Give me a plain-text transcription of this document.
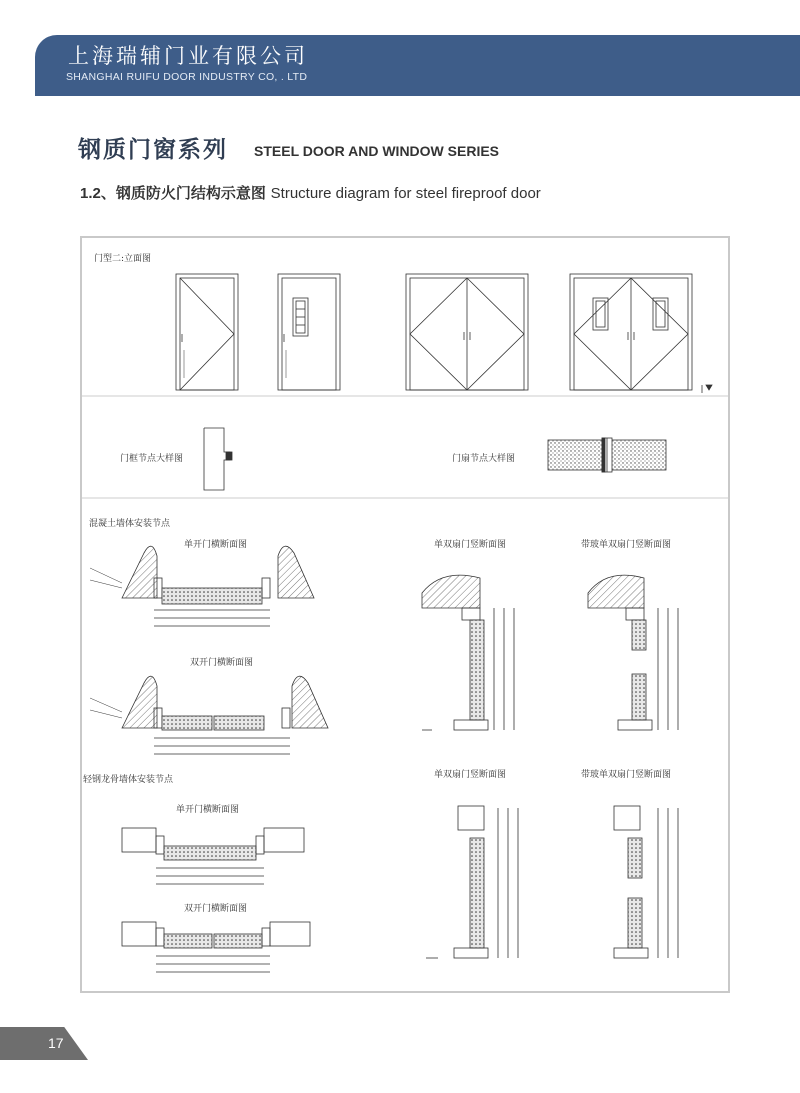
上海瑞辅门业有限公司
SHANGHAI RUIFU DOOR INDUSTRY CO, . LTD
钢质门窗系列 STEEL DOOR AND WINDOW SERIES
1.2、钢质防火门结构示意图 Structure diagram for steel fireproof door
门型二:立面图
门框节点大样图	门扇节点大样图
混凝土墙体安装节点
单开门横断面图	单双扇门竖断面图	带玻单双扇门竖断面图
双开门横断面图
单双扇门竖断面图	带玻单双扇门竖断面图
轻钢龙骨墙体安装节点
单开门横断面图
双开门横断面图
17
